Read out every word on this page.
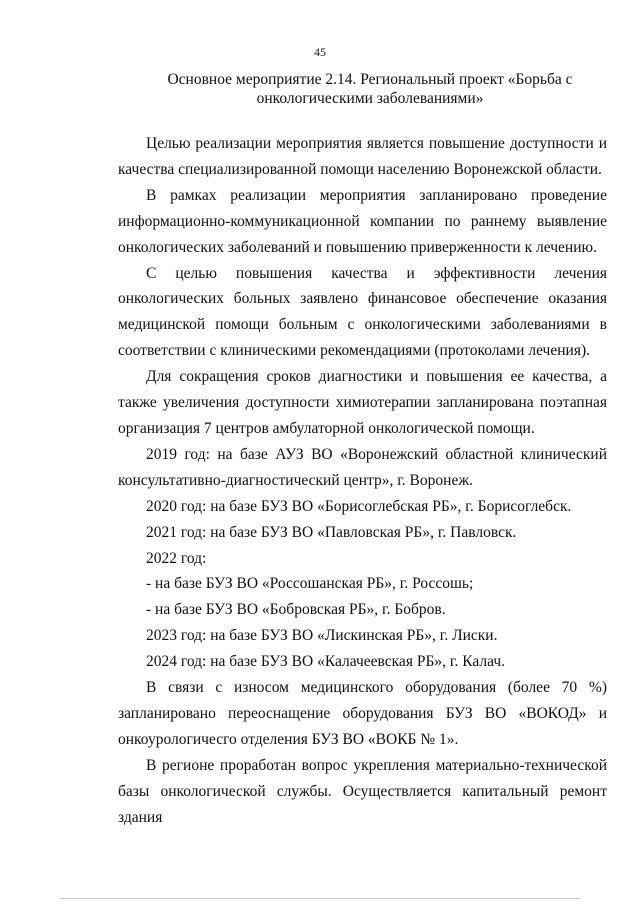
45
Основное мероприятие 2.14. Региональный проект «Борьба с онкологическими заболеваниями»

Целью реализации мероприятия является повышение доступности и качества специализированной помощи населению Воронежской области.

В рамках реализации мероприятия запланировано проведение информационно-коммуникационной компании по раннему выявление онкологических заболеваний и повышению приверженности к лечению.

С целью повышения качества и эффективности лечения онкологических больных заявлено финансовое обеспечение оказания медицинской помощи больным с онкологическими заболеваниями в соответствии с клиническими рекомендациями (протоколами лечения).

Для сокращения сроков диагностики и повышения ее качества, а также увеличения доступности химиотерапии запланирована поэтапная организация 7 центров амбулаторной онкологической помощи.

2019 год: на базе АУЗ ВО «Воронежский областной клинический консультативно-диагностический центр», г. Воронеж.

2020 год: на базе БУЗ ВО «Борисоглебская РБ», г. Борисоглебск.

2021 год: на базе БУЗ ВО «Павловская РБ», г. Павловск.

2022 год:

- на базе БУЗ ВО «Россошанская РБ», г. Россошь;

- на базе БУЗ ВО «Бобровская РБ», г. Бобров.

2023 год: на базе БУЗ ВО «Лискинская РБ», г. Лиски.

2024 год: на базе БУЗ ВО «Калачеевская РБ», г. Калач.

В связи с износом медицинского оборудования (более 70 %) запланировано переоснащение оборудования БУЗ ВО «ВОКОД» и онкоурологичесго отделения БУЗ ВО «ВОКБ № 1».

В регионе проработан вопрос укрепления материально-технической базы онкологической службы. Осуществляется капитальный ремонт здания
